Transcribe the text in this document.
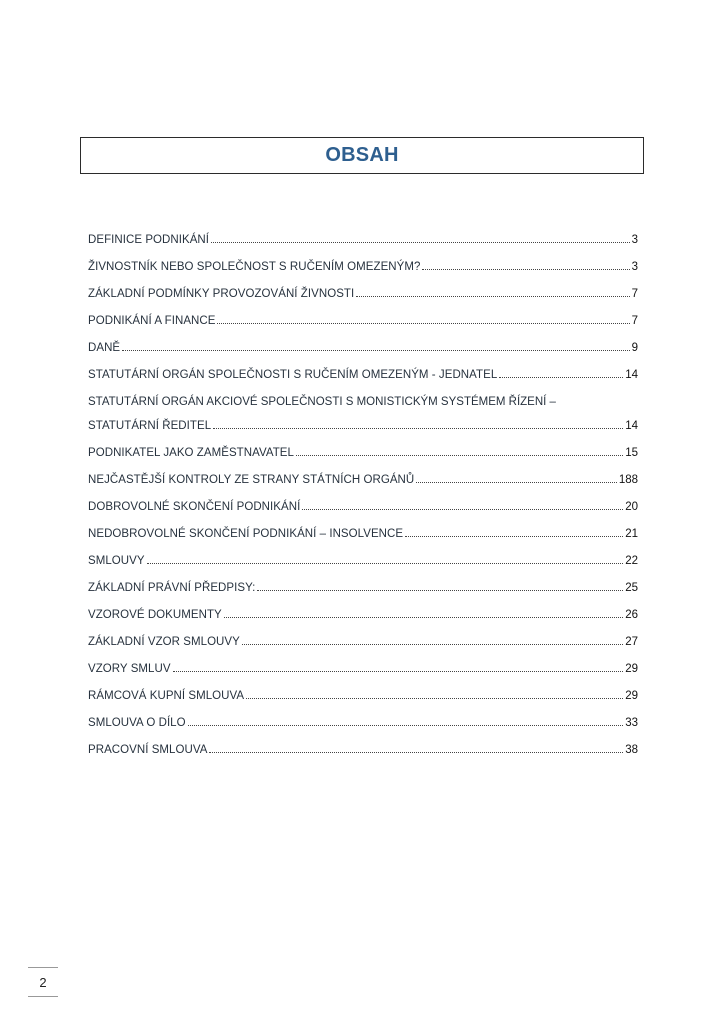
OBSAH
DEFINICE PODNIKÁNÍ	3
ŽIVNOSTNÍK NEBO SPOLEČNOST S RUČENÍM OMEZENÝM?	3
ZÁKLADNÍ PODMÍNKY PROVOZOVÁNÍ ŽIVNOSTI	7
PODNIKÁNÍ A FINANCE	7
DANĚ	9
STATUTÁRNÍ ORGÁN SPOLEČNOSTI S RUČENÍM OMEZENÝM - JEDNATEL	14
STATUTÁRNÍ ORGÁN AKCIOVÉ SPOLEČNOSTI S MONISTICKÝM SYSTÉMEM ŘÍZENÍ –
STATUTÁRNÍ ŘEDITEL	14
PODNIKATEL JAKO ZAMĚSTNAVATEL	15
NEJČASTĚJŠÍ KONTROLY ZE STRANY STÁTNÍCH ORGÁNŮ	188
DOBROVOLNÉ SKONČENÍ PODNIKÁNÍ	20
NEDOBROVOLNÉ SKONČENÍ PODNIKÁNÍ – INSOLVENCE	21
SMLOUVY	22
ZÁKLADNÍ PRÁVNÍ PŘEDPISY:	25
VZOROVÉ DOKUMENTY	26
ZÁKLADNÍ VZOR SMLOUVY	27
VZORY SMLUV	29
RÁMCOVÁ KUPNÍ SMLOUVA	29
SMLOUVA O DÍLO	33
PRACOVNÍ SMLOUVA	38
2
